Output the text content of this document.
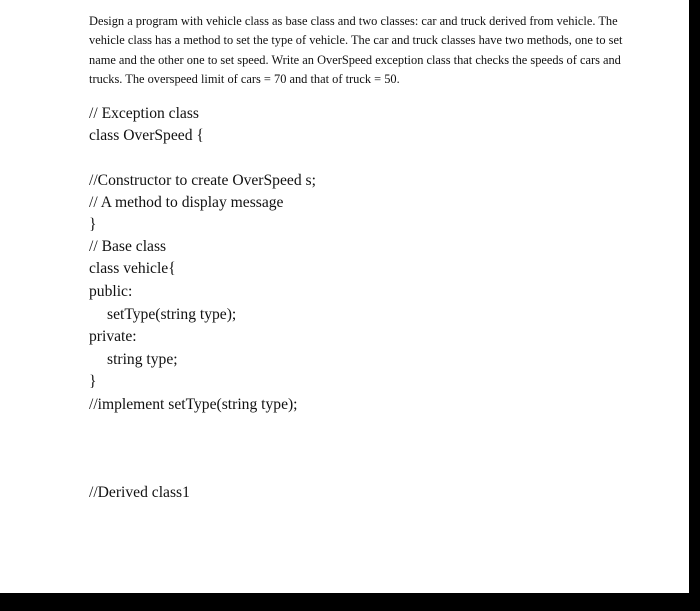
Design a program with vehicle class as base class and two classes: car and truck derived from vehicle. The vehicle class has a method to set the type of vehicle. The car and truck classes have two methods, one to set name and the other one to set speed. Write an OverSpeed exception class that checks the speeds of cars and trucks. The overspeed limit of cars = 70 and that of truck = 50.

// Exception class
class OverSpeed {
//Constructor to create OverSpeed s;
// A method to display message
}
// Base class
class vehicle{
public:
setType(string type);
private:
string type;
}
//implement setType(string type);
//Derived class1
